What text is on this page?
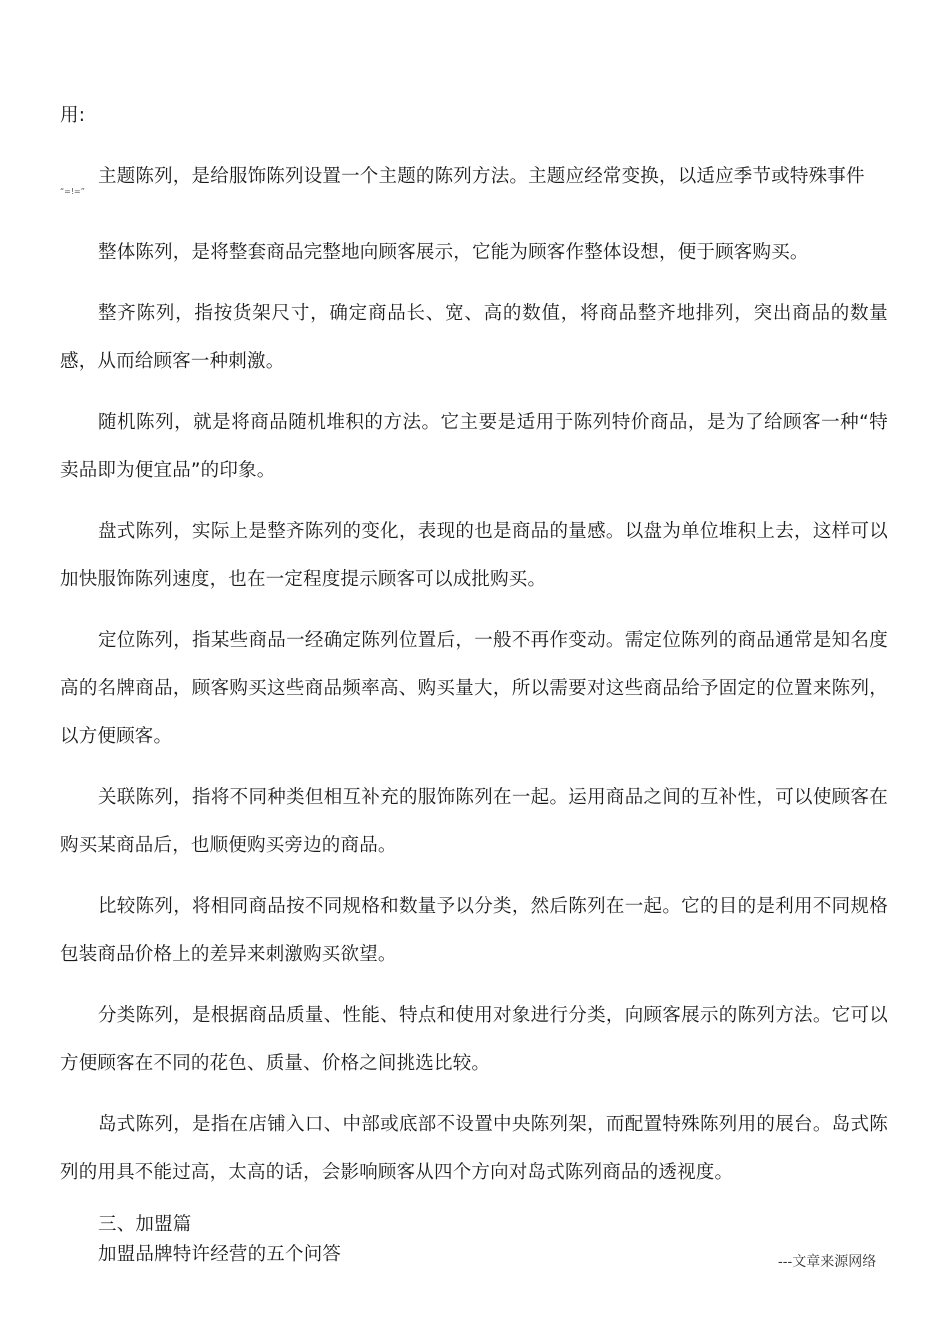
用:

主题陈列，是给服饰陈列设置一个主题的陈列方法。主题应经常变换，以适应季节或特殊事件

“=!=”

整体陈列，是将整套商品完整地向顾客展示，它能为顾客作整体设想，便于顾客购买。

整齐陈列，指按货架尺寸，确定商品长、宽、高的数值，将商品整齐地排列，突出商品的数量感，从而给顾客一种刺激。

随机陈列，就是将商品随机堆积的方法。它主要是适用于陈列特价商品，是为了给顾客一种“特卖品即为便宜品”的印象。

盘式陈列，实际上是整齐陈列的变化，表现的也是商品的量感。以盘为单位堆积上去，这样可以加快服饰陈列速度，也在一定程度提示顾客可以成批购买。

定位陈列，指某些商品一经确定陈列位置后，一般不再作变动。需定位陈列的商品通常是知名度高的名牌商品，顾客购买这些商品频率高、购买量大，所以需要对这些商品给予固定的位置来陈列，以方便顾客。

关联陈列，指将不同种类但相互补充的服饰陈列在一起。运用商品之间的互补性，可以使顾客在购买某商品后，也顺便购买旁边的商品。

比较陈列，将相同商品按不同规格和数量予以分类，然后陈列在一起。它的目的是利用不同规格包装商品价格上的差异来刺激购买欲望。

分类陈列，是根据商品质量、性能、特点和使用对象进行分类，向顾客展示的陈列方法。它可以方便顾客在不同的花色、质量、价格之间挑选比较。

岛式陈列，是指在店铺入口、中部或底部不设置中央陈列架，而配置特殊陈列用的展台。岛式陈列的用具不能过高，太高的话，会影响顾客从四个方向对岛式陈列商品的透视度。

三、加盟篇

加盟品牌特许经营的五个问答	---文章来源网络
